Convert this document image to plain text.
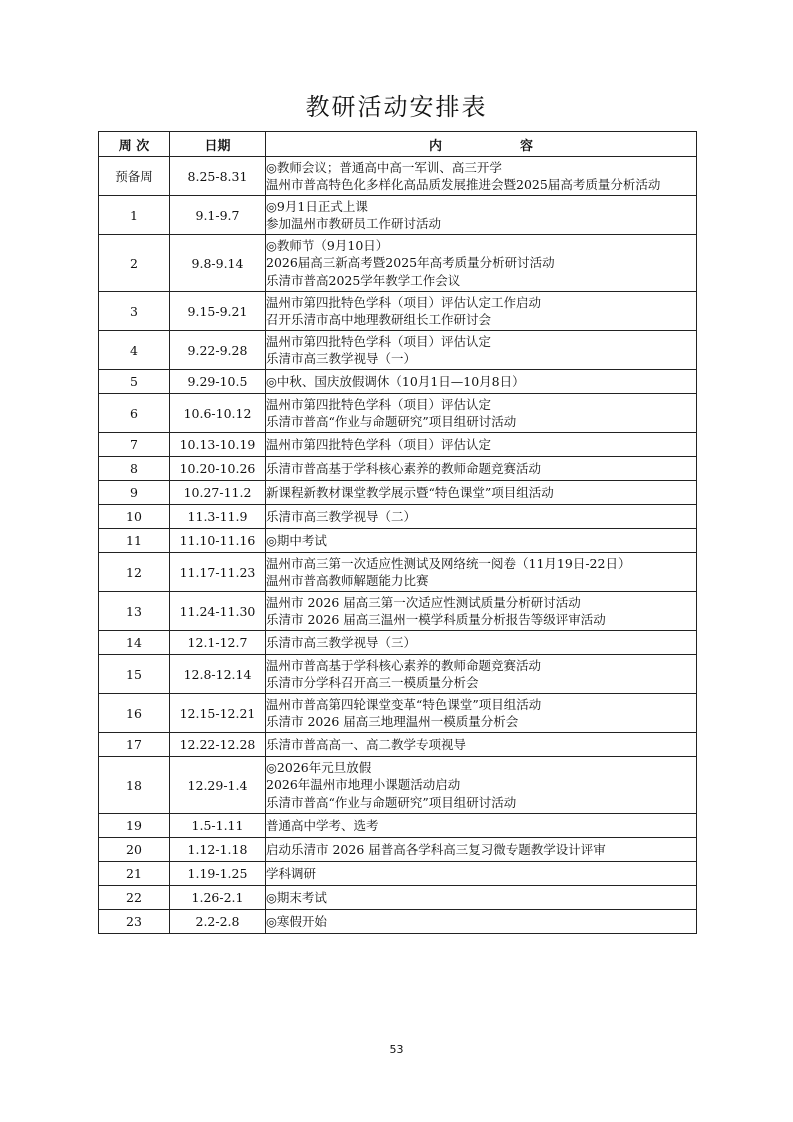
教研活动安排表
周 次	日期	内　　　　　　容
预备周	8.25-8.31	◎教师会议；普通高中高一军训、高三开学
温州市普高特色化多样化高品质发展推进会暨2025届高考质量分析活动

1	9.1-9.7	◎9月1日正式上课
参加温州市教研员工作研讨活动

2	9.8-9.14	◎教师节（9月10日）
2026届高三新高考暨2025年高考质量分析研讨活动
乐清市普高2025学年教学工作会议

3	9.15-9.21	温州市第四批特色学科（项目）评估认定工作启动
召开乐清市高中地理教研组长工作研讨会

4	9.22-9.28	温州市第四批特色学科（项目）评估认定
乐清市高三教学视导（一）

5	9.29-10.5	◎中秋、国庆放假调休（10月1日—10月8日）

6	10.6-10.12	温州市第四批特色学科（项目）评估认定
乐清市普高“作业与命题研究”项目组研讨活动

7	10.13-10.19	温州市第四批特色学科（项目）评估认定

8	10.20-10.26	乐清市普高基于学科核心素养的教师命题竞赛活动

9	10.27-11.2	新课程新教材课堂教学展示暨“特色课堂”项目组活动

10	11.3-11.9	乐清市高三教学视导（二）

11	11.10-11.16	◎期中考试

12	11.17-11.23	温州市高三第一次适应性测试及网络统一阅卷（11月19日-22日）
温州市普高教师解题能力比赛

13	11.24-11.30	温州市 2026 届高三第一次适应性测试质量分析研讨活动
乐清市 2026 届高三温州一模学科质量分析报告等级评审活动

14	12.1-12.7	乐清市高三教学视导（三）

15	12.8-12.14	温州市普高基于学科核心素养的教师命题竞赛活动
乐清市分学科召开高三一模质量分析会

16	12.15-12.21	温州市普高第四轮课堂变革“特色课堂”项目组活动
乐清市 2026 届高三地理温州一模质量分析会

17	12.22-12.28	乐清市普高高一、高二教学专项视导

18	12.29-1.4	◎2026年元旦放假
2026年温州市地理小课题活动启动
乐清市普高“作业与命题研究”项目组研讨活动

19	1.5-1.11	普通高中学考、选考

20	1.12-1.18	启动乐清市 2026 届普高各学科高三复习微专题教学设计评审

21	1.19-1.25	学科调研

22	1.26-2.1	◎期末考试

23	2.2-2.8	◎寒假开始
53
